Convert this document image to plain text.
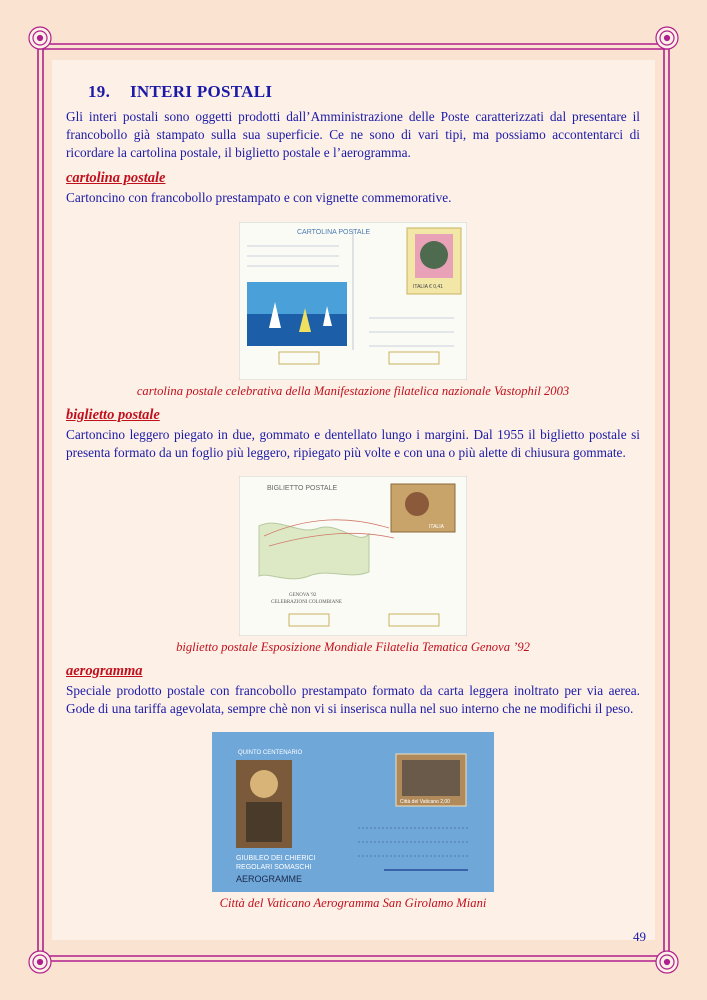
19. INTERI POSTALI

Gli interi postali sono oggetti prodotti dall’Amministrazione delle Poste caratterizzati dal presentare il francobollo già stampato sulla sua superficie. Ce ne sono di vari tipi, ma possiamo accontentarci di ricordare la cartolina postale, il biglietto postale e l’aerogramma.

cartolina postale

Cartoncino con francobollo prestampato e con vignette commemorative.

CARTOLINA POSTALE
ITALIA € 0,41
cartolina postale celebrativa della Manifestazione filatelica nazionale Vastophil 2003
biglietto postale

Cartoncino leggero piegato in due, gommato e dentellato lungo i margini. Dal 1955 il biglietto postale si presenta formato da un foglio più leggero, ripiegato più volte e con una o più alette di chiusura gommate.

BIGLIETTO POSTALE
GENOVA '92
CELEBRAZIONI COLOMBIANE
ITALIA
biglietto postale Esposizione Mondiale Filatelia Tematica Genova ’92
aerogramma

Speciale prodotto postale con francobollo prestampato formato da carta leggera inoltrato per via aerea. Gode di una tariffa agevolata, sempre chè non vi si inserisca nulla nel suo interno che ne modifichi il peso.

QUINTO CENTENARIO
GIUBILEO DEI CHIERICI
REGOLARI SOMASCHI
AEROGRAMME
Città del Vaticano 2,00
Città del Vaticano Aerogramma San Girolamo Miani
49
